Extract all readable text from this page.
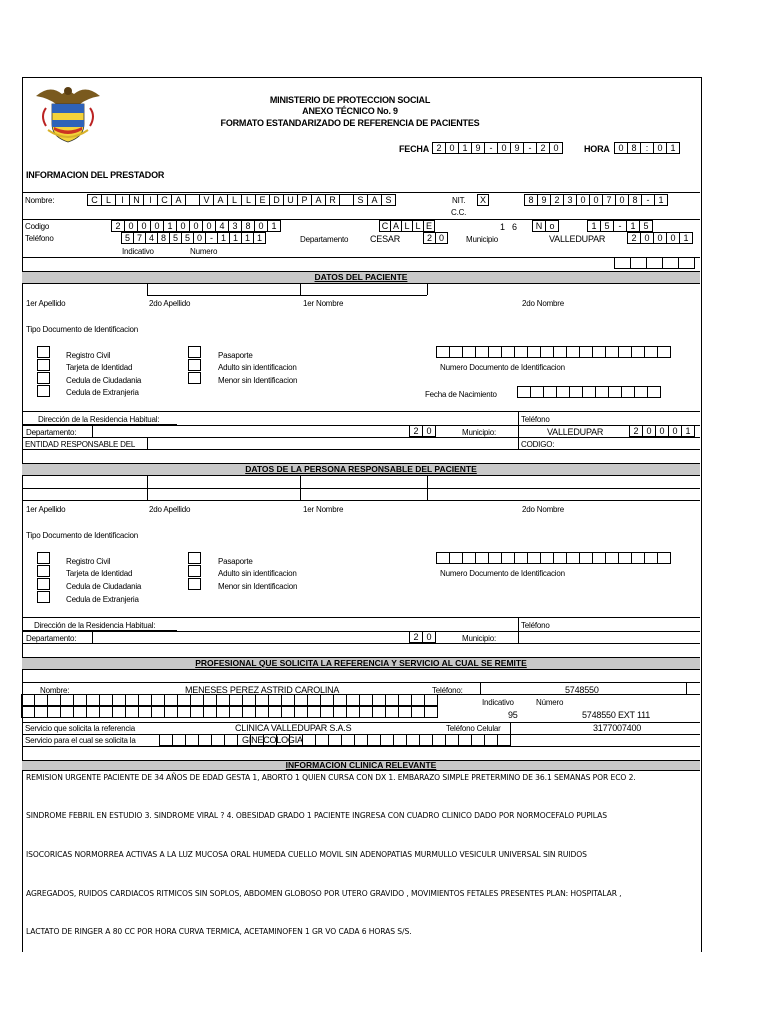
MINISTERIO DE PROTECCION SOCIAL
ANEXO TÉCNICO No. 9
FORMATO ESTANDARIZADO DE REFERENCIA DE PACIENTES
FECHA 2 0 1 9	- 0 9	- 2 0	HORA 0 8	:	0 1
INFORMACION DEL PRESTADOR
Nombre:	C L	I	N	I	C A	V A L L E D U P A R	S A S	NIT.	X
C.C.
8 9 2 3 0 0 7 0 8	- 1
Codigo	2 0 0 0 1 0 0 0 4 3 8 0 1	C A L L E	1 6	N o	1 5	- 1 5
Teléfono	5 7 4 8 5 5 0 - 1 1 1 1	Departamento CESAR	2 0	Municipio	VALLEDUPAR	2 0 0 0 1
Indicativo	Numero
DATOS DEL PACIENTE
1er Apellido	2do Apellido	1er Nombre	2do Nombre
Tipo Documento de Identificacion
Registro Civil
Tarjeta de Identidad
Cedula de Ciudadania
Cedula de Extranjeria
Pasaporte
Adulto sin identificacion
Menor sin Identificacion
Numero Documento de Identificacion
Fecha de Nacimiento
Dirección de la Residencia Habitual:	Teléfono
Departamento:	2 0	Municipio:	VALLEDUPAR	2 0 0 0 1
ENTIDAD RESPONSABLE DEL	CODIGO:
DATOS DE LA PERSONA RESPONSABLE DEL PACIENTE
1er Apellido	2do Apellido	1er Nombre	2do Nombre
Tipo Documento de Identificacion
Registro Civil
Tarjeta de Identidad
Cedula de Ciudadania
Cedula de Extranjeria
Pasaporte
Adulto sin identificacion
Menor sin Identificacion
Numero Documento de Identificacion
Dirección de la Residencia Habitual:	Teléfono
Departamento:	2 0	Municipio:
PROFESIONAL QUE SOLICITA LA REFERENCIA Y SERVICIO AL CUAL SE REMITE
Nombre:	MENESES PEREZ ASTRID CAROLINA	Teléfono:	5748550
Indicativo	Número
95	5748550 EXT 111
Servicio que solicita la referencia	CLINICA VALLEDUPAR S.A.S	Teléfono Celular	3177007400
Servicio para el cual se solicita la	GINECOLOGIA
INFORMACION CLINICA RELEVANTE
REMISION URGENTE PACIENTE DE 34 AÑOS DE EDAD GESTA 1, ABORTO 1 QUIEN CURSA CON DX 1. EMBARAZO SIMPLE PRETERMINO DE 36.1 SEMANAS POR ECO 2.
SINDROME FEBRIL EN ESTUDIO 3. SINDROME VIRAL ? 4. OBESIDAD GRADO 1 PACIENTE INGRESA CON CUADRO CLINICO DADO POR NORMOCEFALO PUPILAS
ISOCORICAS NORMORREA ACTIVAS A LA LUZ MUCOSA ORAL HUMEDA CUELLO MOVIL SIN ADENOPATIAS MURMULLO VESICULR UNIVERSAL SIN RUIDOS
AGREGADOS, RUIDOS CARDIACOS RITMICOS SIN SOPLOS, ABDOMEN GLOBOSO POR UTERO GRAVIDO , MOVIMIENTOS FETALES PRESENTES PLAN: HOSPITALAR ,
LACTATO DE RINGER A 80 CC POR HORA CURVA TERMICA, ACETAMINOFEN 1 GR VO CADA 6 HORAS S/S.
